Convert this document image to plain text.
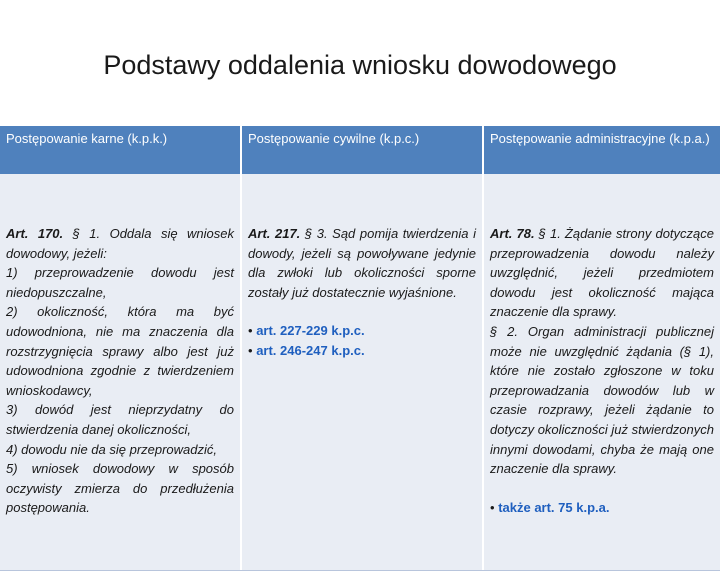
Podstawy oddalenia wniosku dowodowego
Postępowanie karne (k.p.k.)	Postępowanie cywilne (k.p.c.)	Postępowanie administracyjne (k.p.a.)

Art. 170. § 1. Oddala się wniosek dowodowy, jeżeli:

1) przeprowadzenie dowodu jest niedopuszczalne,

2) okoliczność, która ma być udowodniona, nie ma znaczenia dla rozstrzygnięcia sprawy albo jest już udowodniona zgodnie z twierdzeniem wnioskodawcy,

3) dowód jest nieprzydatny do stwierdzenia danej okoliczności,

4) dowodu nie da się przeprowadzić,

5) wniosek dowodowy w sposób oczywisty zmierza do przedłużenia postępowania.

Art. 217. § 3. Sąd pomija twierdzenia i dowody, jeżeli są powoływane jedynie dla zwłoki lub okoliczności sporne zostały już dostatecznie wyjaśnione.

• art. 227-229 k.p.c.

• art. 246-247 k.p.c.

Art. 78. § 1. Żądanie strony dotyczące przeprowadzenia dowodu należy uwzględnić, jeżeli przedmiotem dowodu jest okoliczność mająca znaczenie dla sprawy.

§ 2. Organ administracji publicznej może nie uwzględnić żądania (§ 1), które nie zostało zgłoszone w toku przeprowadzania dowodów lub w czasie rozprawy, jeżeli żądanie to dotyczy okoliczności już stwierdzonych innymi dowodami, chyba że mają one znaczenie dla sprawy.

• także art. 75 k.p.a.
